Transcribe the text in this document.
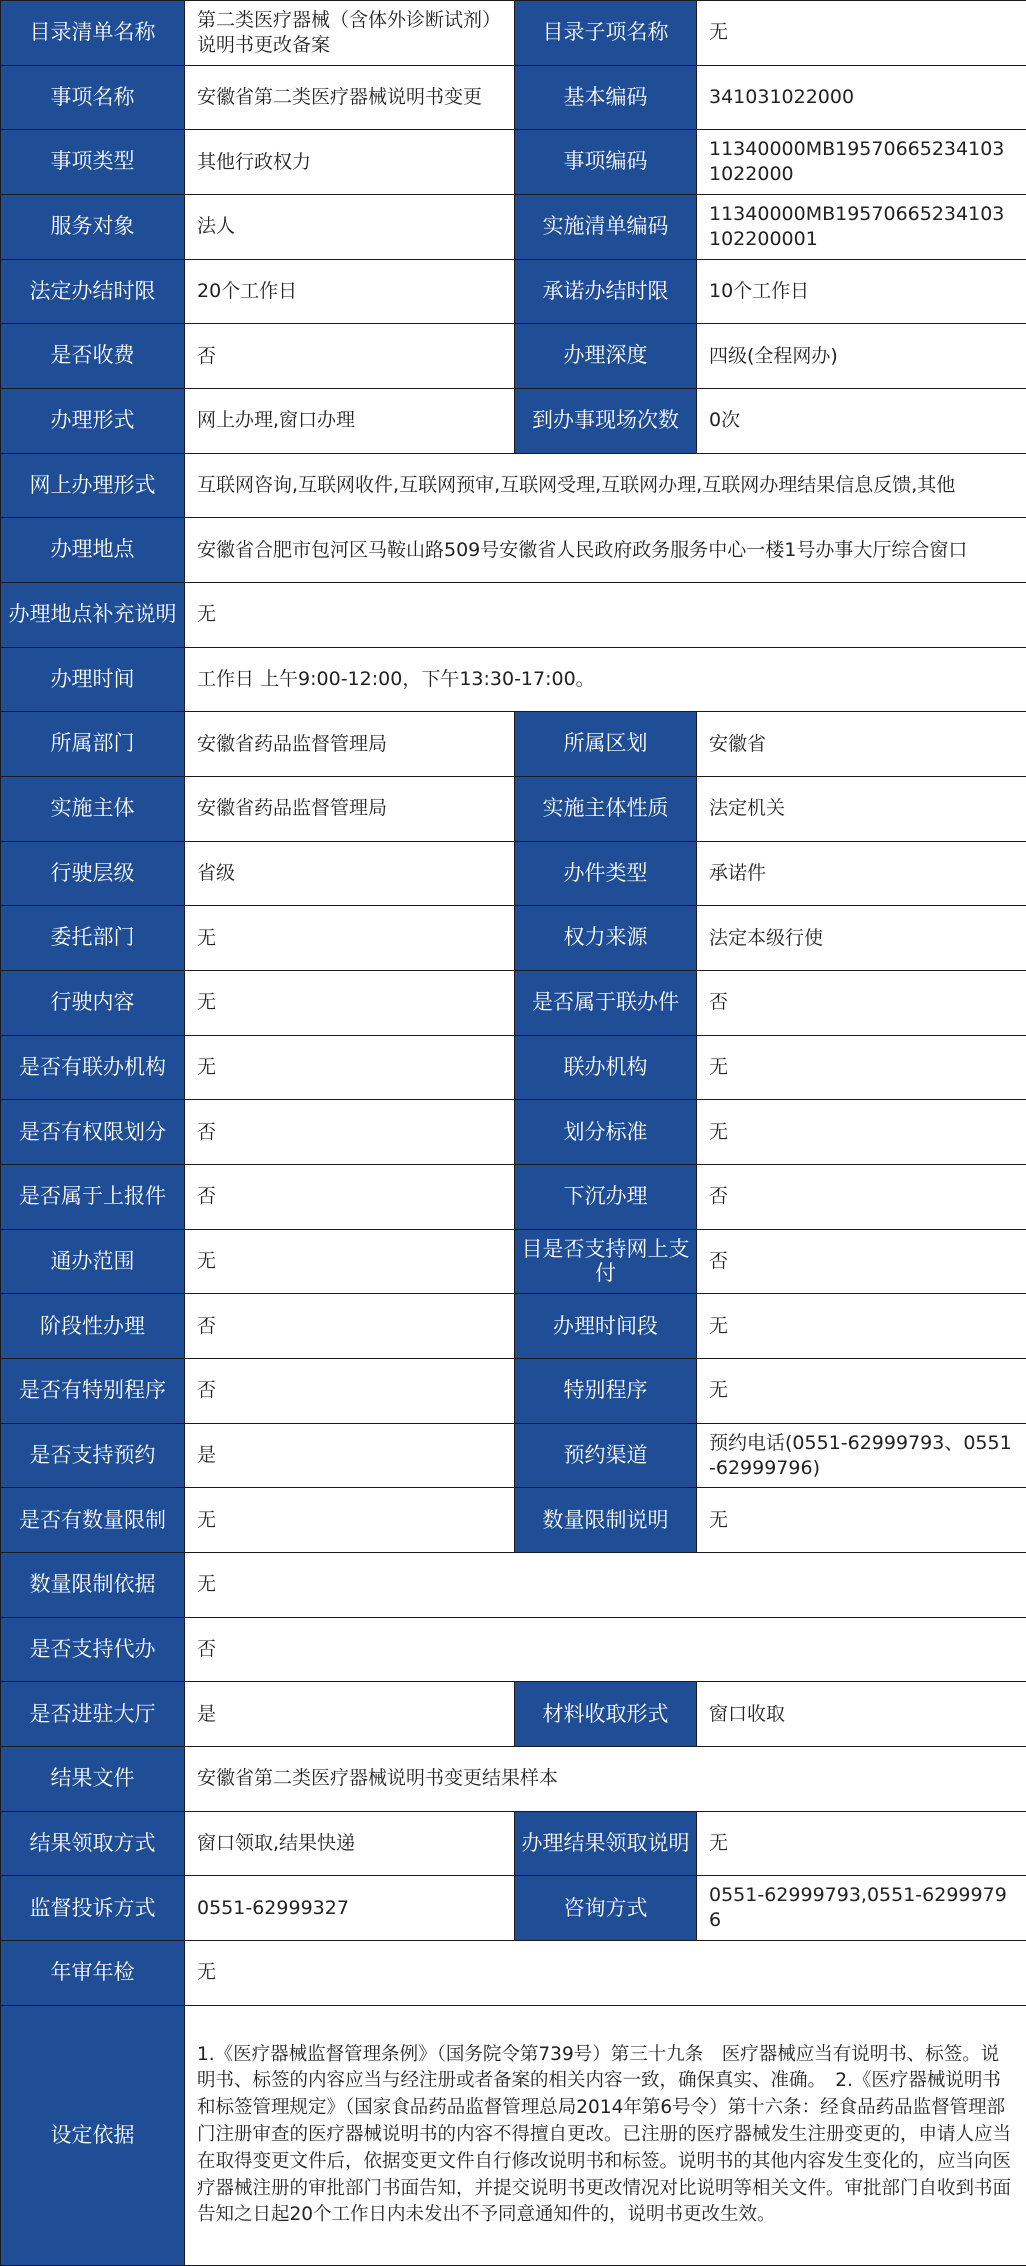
目录清单名称	第二类医疗器械（含体外诊断试剂）说明书更改备案	目录子项名称	无
事项名称	安徽省第二类医疗器械说明书变更	基本编码	341031022000
事项类型	其他行政权力	事项编码	11340000MB195706652341031022000
服务对象	法人	实施清单编码	11340000MB19570665234103102200001
法定办结时限	20个工作日	承诺办结时限	10个工作日
是否收费	否	办理深度	四级(全程网办)
办理形式	网上办理,窗口办理	到办事现场次数	0次
网上办理形式	互联网咨询,互联网收件,互联网预审,互联网受理,互联网办理,互联网办理结果信息反馈,其他		
办理地点	安徽省合肥市包河区马鞍山路509号安徽省人民政府政务服务中心一楼1号办事大厅综合窗口		
办理地点补充说明	无		
办理时间	工作日 上午9:00-12:00，下午13:30-17:00。		
所属部门	安徽省药品监督管理局	所属区划	安徽省
实施主体	安徽省药品监督管理局	实施主体性质	法定机关
行驶层级	省级	办件类型	承诺件
委托部门	无	权力来源	法定本级行使
行驶内容	无	是否属于联办件	否
是否有联办机构	无	联办机构	无
是否有权限划分	否	划分标准	无
是否属于上报件	否	下沉办理	否
通办范围	无	目是否支持网上支付	否
阶段性办理	否	办理时间段	无
是否有特别程序	否	特别程序	无
是否支持预约	是	预约渠道	预约电话(0551-62999793、0551-62999796)
是否有数量限制	无	数量限制说明	无
数量限制依据	无		
是否支持代办	否		
是否进驻大厅	是	材料收取形式	窗口收取
结果文件	安徽省第二类医疗器械说明书变更结果样本		
结果领取方式	窗口领取,结果快递	办理结果领取说明	无
监督投诉方式	0551-62999327	咨询方式	0551-62999793,0551-62999796
年审年检	无		
设定依据	1.《医疗器械监督管理条例》（国务院令第739号）第三十九条　医疗器械应当有说明书、标签。说明书、标签的内容应当与经注册或者备案的相关内容一致，确保真实、准确。　2.《医疗器械说明书和标签管理规定》（国家食品药品监督管理总局2014年第6号令）第十六条：经食品药品监督管理部门注册审查的医疗器械说明书的内容不得擅自更改。已注册的医疗器械发生注册变更的，申请人应当在取得变更文件后，依据变更文件自行修改说明书和标签。说明书的其他内容发生变化的，应当向医疗器械注册的审批部门书面告知，并提交说明书更改情况对比说明等相关文件。审批部门自收到书面告知之日起20个工作日内未发出不予同意通知件的，说明书更改生效。		
